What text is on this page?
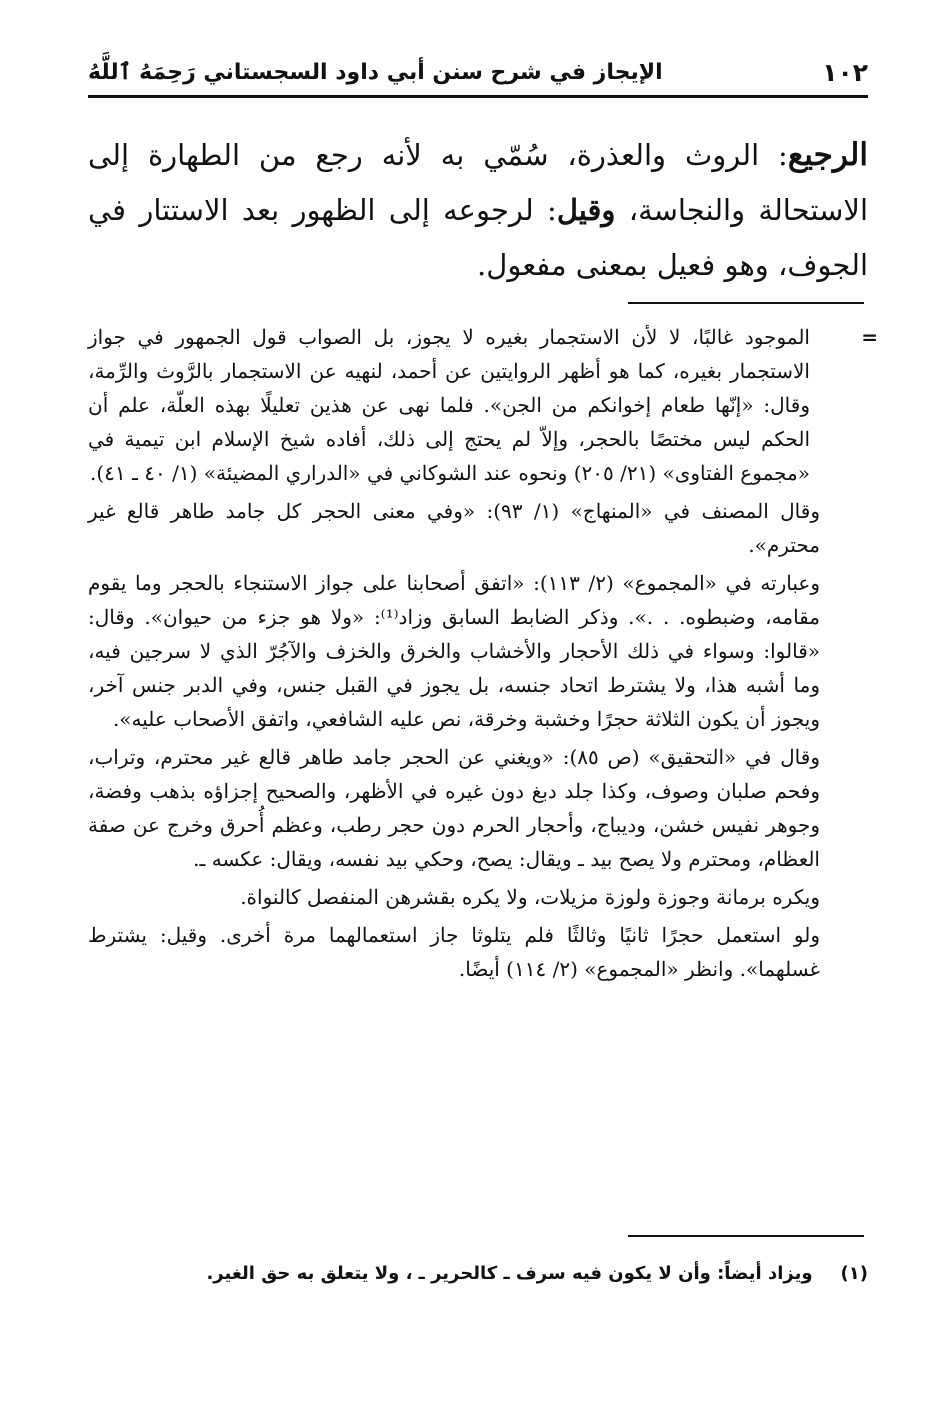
١٠٢
الإيجاز في شرح سنن أبي داود السجستاني رَحِمَهُ ٱللَّهُ
الرجيع: الروث والعذرة، سُمّي به لأنه رجع من الطهارة إلى الاستحالة والنجاسة، وقيل: لرجوعه إلى الظهور بعد الاستتار في الجوف، وهو فعيل بمعنى مفعول.
=

الموجود غالبًا، لا لأن الاستجمار بغيره لا يجوز، بل الصواب قول الجمهور في جواز الاستجمار بغيره، كما هو أظهر الروايتين عن أحمد، لنهيه عن الاستجمار بالرَّوث والرِّمة، وقال: «إنّها طعام إخوانكم من الجن». فلما نهى عن هذين تعليلًا بهذه العلّة، علم أن الحكم ليس مختصًا بالحجر، وإلاّ لم يحتج إلى ذلك، أفاده شيخ الإسلام ابن تيمية في «مجموع الفتاوى» (٢١/ ٢٠٥) ونحوه عند الشوكاني في «الدراري المضيئة» (١/ ٤٠ ـ ٤١).

وقال المصنف في «المنهاج» (١/ ٩٣): «وفي معنى الحجر كل جامد طاهر قالع غير محترم».

وعبارته في «المجموع» (٢/ ١١٣): «اتفق أصحابنا على جواز الاستنجاء بالحجر وما يقوم مقامه، وضبطوه. . .». وذكر الضابط السابق وزاد⁽¹⁾: «ولا هو جزء من حيوان». وقال: «قالوا: وسواء في ذلك الأحجار والأخشاب والخرق والخزف والآجُرّ الذي لا سرجين فيه، وما أشبه هذا، ولا يشترط اتحاد جنسه، بل يجوز في القبل جنس، وفي الدبر جنس آخر، ويجوز أن يكون الثلاثة حجرًا وخشبة وخرقة، نص عليه الشافعي، واتفق الأصحاب عليه».

وقال في «التحقيق» (ص ٨٥): «ويغني عن الحجر جامد طاهر قالع غير محترم، وتراب، وفحم صلبان وصوف، وكذا جلد دبغ دون غيره في الأظهر، والصحيح إجزاؤه بذهب وفضة، وجوهر نفيس خشن، وديباج، وأحجار الحرم دون حجر رطب، وعظم أُحرق وخرج عن صفة العظام، ومحترم ولا يصح بيد ـ ويقال: يصح، وحكي بيد نفسه، ويقال: عكسه ـ.

ويكره برمانة وجوزة ولوزة مزيلات، ولا يكره بقشرهن المنفصل كالنواة.

ولو استعمل حجرًا ثانيًا وثالثًا فلم يتلوثا جاز استعمالهما مرة أخرى. وقيل: يشترط غسلهما». وانظر «المجموع» (٢/ ١١٤) أيضًا.

(١)ويزاد أيضاً: وأن لا يكون فيه سرف ـ كالحرير ـ ، ولا يتعلق به حق الغير.
